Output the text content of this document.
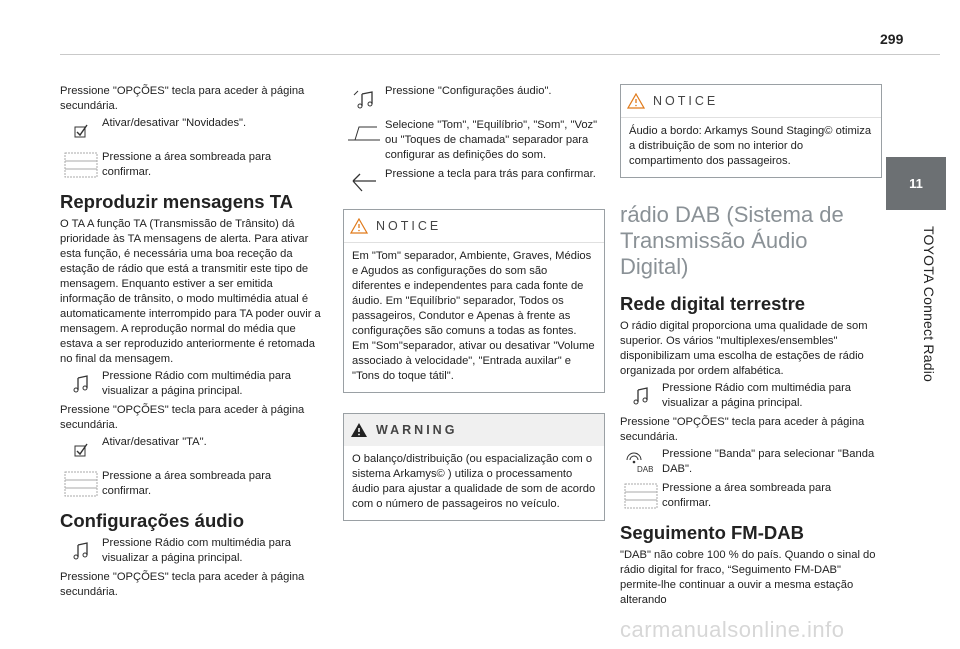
299
11
TOYOTA Connect Radio

Pressione "OPÇÕES" tecla para aceder à página secundária.

Ativar/desativar "Novidades".
Pressione a área sombreada para confirmar.
Reproduzir mensagens TA

O TA A função TA (Transmissão de Trânsito) dá prioridade às TA mensagens de alerta. Para ativar esta função, é necessária uma boa receção da estação de rádio que está a transmitir este tipo de mensagem. Enquanto estiver a ser emitida informação de trânsito, o modo multimédia atual é automaticamente interrompido para TA poder ouvir a mensagem. A reprodução normal do média que estava a ser reproduzido anteriormente é retomada no final da mensagem.

Pressione Rádio com multimédia para visualizar a página principal.

Pressione "OPÇÕES" tecla para aceder à página secundária.

Ativar/desativar "TA".
Pressione a área sombreada para confirmar.
Configurações áudio
Pressione Rádio com multimédia para visualizar a página principal.

Pressione "OPÇÕES" tecla para aceder à página secundária.

Pressione "Configurações áudio".
Selecione "Tom", "Equilíbrio", "Som", "Voz" ou "Toques de chamada" separador para configurar as definições do som.
Pressione a tecla para trás para confirmar.
NOTICE
Em "Tom" separador, Ambiente, Graves, Médios e Agudos as configurações do som são diferentes e independentes para cada fonte de áudio. Em "Equilíbrio" separador, Todos os passageiros, Condutor e Apenas à frente as configurações são comuns a todas as fontes. Em "Som"separador, ativar ou desativar "Volume associado à velocidade", "Entrada auxilar" e "Tons do toque tátil".
WARNING
O balanço/distribuição (ou espacialização com o sistema Arkamys© ) utiliza o processamento áudio para ajustar a qualidade de som de acordo com o número de passageiros no veículo.
NOTICE
Áudio a bordo: Arkamys Sound Staging© otimiza a distribuição de som no interior do compartimento dos passageiros.
rádio DAB (Sistema de Transmissão Áudio Digital)
Rede digital terrestre

O rádio digital proporciona uma qualidade de som superior. Os vários "multiplexes/ensembles" disponibilizam uma escolha de estações de rádio organizada por ordem alfabética.

Pressione Rádio com multimédia para visualizar a página principal.

Pressione "OPÇÕES" tecla para aceder à página secundária.

DAB
Pressione "Banda" para selecionar "Banda DAB".
Pressione a área sombreada para confirmar.
Seguimento FM-DAB

"DAB" não cobre 100 % do país. Quando o sinal do rádio digital for fraco, “Seguimento FM-DAB" permite-lhe continuar a ouvir a mesma estação alterando

carmanualsonline.info
